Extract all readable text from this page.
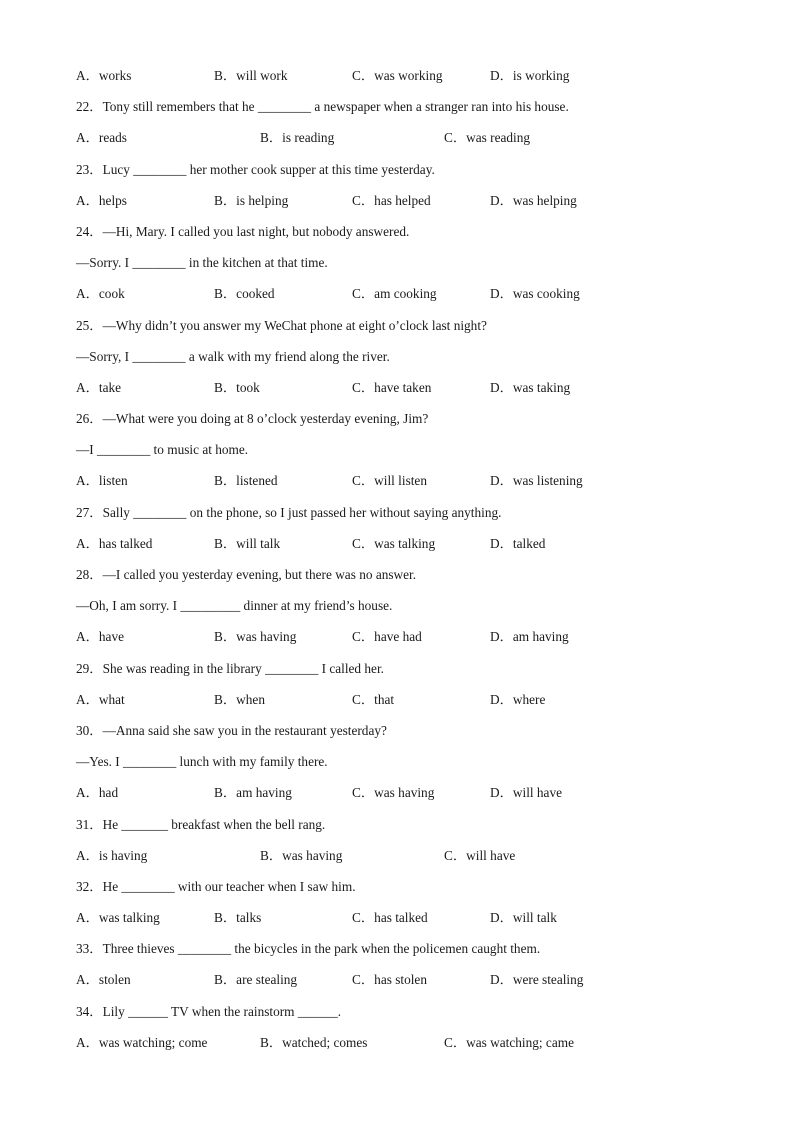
A．works	B．will work	C．was working	D．is working
22．Tony still remembers that he ________ a newspaper when a stranger ran into his house.
A．reads	B．is reading	C．was reading
23．Lucy ________ her mother cook supper at this time yesterday.
A．helps	B．is helping	C．has helped	D．was helping
24．—Hi, Mary. I called you last night, but nobody answered.
—Sorry. I ________ in the kitchen at that time.
A．cook	B．cooked	C．am cooking	D．was cooking
25．—Why didn’t you answer my WeChat phone at eight o’clock last night?
—Sorry, I ________ a walk with my friend along the river.
A．take	B．took	C．have taken	D．was taking
26．—What were you doing at 8 o’clock yesterday evening, Jim?
—I ________ to music at home.
A．listen	B．listened	C．will listen	D．was listening
27．Sally ________ on the phone, so I just passed her without saying anything.
A．has talked	B．will talk	C．was talking	D．talked
28．—I called you yesterday evening, but there was no answer.
—Oh, I am sorry. I _________ dinner at my friend’s house.
A．have	B．was having	C．have had	D．am having
29．She was reading in the library ________ I called her.
A．what	B．when	C．that	D．where
30．—Anna said she saw you in the restaurant yesterday?
—Yes. I ________ lunch with my family there.
A．had	B．am having	C．was having	D．will have
31．He _______ breakfast when the bell rang.
A．is having	B．was having	C．will have
32．He ________ with our teacher when I saw him.
A．was talking	B．talks	C．has talked	D．will talk
33．Three thieves ________ the bicycles in the park when the policemen caught them.
A．stolen	B．are stealing	C．has stolen	D．were stealing
34．Lily ______ TV when the rainstorm ______.
A．was watching; come	B．watched; comes	C．was watching; came
